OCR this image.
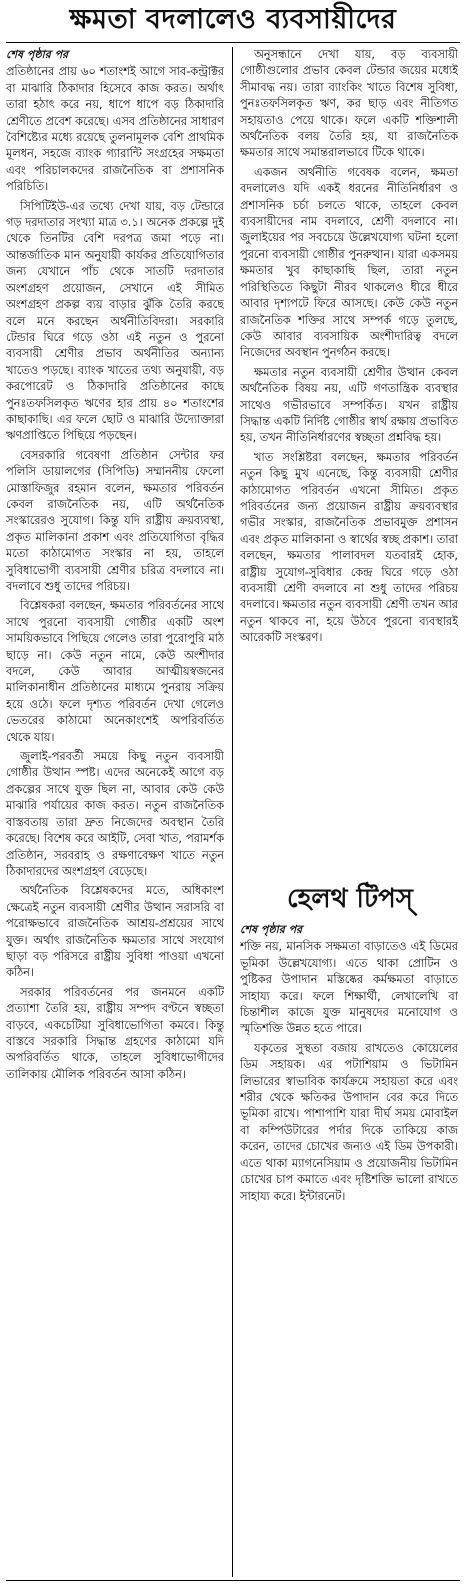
ক্ষমতা বদলালেও ব্যবসায়ীদের
শেষ পৃষ্ঠার পর

প্রতিষ্ঠানের প্রায় ৬০ শতাংশই আগে সাব-কন্ট্রাক্টর বা মাঝারি ঠিকাদার হিসেবে কাজ করত। অর্থাৎ তারা হঠাৎ করে নয়, ধাপে ধাপে বড় ঠিকাদারি শ্রেণীতে প্রবেশ করেছে। এসব প্রতিষ্ঠানের সাধারণ বৈশিষ্ট্যের মধ্যে রয়েছে তুলনামূলক বেশি প্রাথমিক মূলধন, সহজে ব্যাংক গ্যারান্টি সংগ্রহের সক্ষমতা এবং পরিচালকদের রাজনৈতিক বা প্রশাসনিক পরিচিতি।

সিপিটিইউ-এর তথ্যে দেখা যায়, বড় টেন্ডারে গড় দরদাতার সংখ্যা মাত্র ৩.১। অনেক প্রকল্পে দুই থেকে তিনটির বেশি দরপত্র জমা পড়ে না। আন্তর্জাতিক মান অনুযায়ী কার্যকর প্রতিযোগিতার জন্য যেখানে পাঁচ থেকে সাতটি দরদাতার অংশগ্রহণ প্রয়োজন, সেখানে এই সীমিত অংশগ্রহণ প্রকল্প ব্যয় বাড়ার ঝুঁকি তৈরি করছে বলে মনে করছেন অর্থনীতিবিদরা। সরকারি টেন্ডার ঘিরে গড়ে ওঠা এই নতুন ও পুরনো ব্যবসায়ী শ্রেণীর প্রভাব অর্থনীতির অন্যান্য খাতেও পড়ছে। ব্যাংক খাতের তথ্য অনুযায়ী, বড় করপোরেট ও ঠিকাদারি প্রতিষ্ঠানের কাছে পুনঃতফসিলকৃত ঋণের হার প্রায় ৪০ শতাংশের কাছাকাছি। এর ফলে ছোট ও মাঝারি উদ্যোক্তারা ঋণপ্রাপ্তিতে পিছিয়ে পড়ছেন।

বেসরকারি গবেষণা প্রতিষ্ঠান সেন্টার ফর পলিসি ডায়ালগের (সিপিডি) সম্মাননীয় ফেলো মোস্তাফিজুর রহমান বলেন, ক্ষমতার পরিবর্তন কেবল রাজনৈতিক নয়, এটি অর্থনৈতিক সংস্কারেরও সুযোগ। কিন্তু যদি রাষ্ট্রীয় ক্রয়ব্যবস্থা, প্রকৃত মালিকানা প্রকাশ এবং প্রতিযোগিতা বৃদ্ধির মতো কাঠামোগত সংস্কার না হয়, তাহলে সুবিধাভোগী ব্যবসায়ী শ্রেণীর চরিত্র বদলাবে না। বদলাবে শুধু তাদের পরিচয়।

বিশ্লেষকরা বলছেন, ক্ষমতার পরিবর্তনের সাথে সাথে পুরনো ব্যবসায়ী গোষ্ঠীর একটি অংশ সাময়িকভাবে পিছিয়ে গেলেও তারা পুরোপুরি মাঠ ছাড়ে না। কেউ নতুন নামে, কেউ অংশীদার বদলে, কেউ আবার আত্মীয়স্বজনের মালিকানাধীন প্রতিষ্ঠানের মাধ্যমে পুনরায় সক্রিয় হয়ে ওঠে। ফলে দৃশ্যত পরিবর্তন দেখা গেলেও ভেতরের কাঠামো অনেকাংশেই অপরিবর্তিত থেকে যায়।

জুলাই-পরবর্তী সময়ে কিছু নতুন ব্যবসায়ী গোষ্ঠীর উত্থান স্পষ্ট। এদের অনেকেই আগে বড় প্রকল্পের সাথে যুক্ত ছিল না, আবার কেউ কেউ মাঝারি পর্যায়ের কাজ করত। নতুন রাজনৈতিক বাস্তবতায় তারা দ্রুত নিজেদের অবস্থান তৈরি করেছে। বিশেষ করে আইটি, সেবা খাত, পরামর্শক প্রতিষ্ঠান, সরবরাহ ও রক্ষণাবেক্ষণ খাতে নতুন ঠিকাদারদের অংশগ্রহণ বেড়েছে।

অর্থনৈতিক বিশ্লেষকদের মতে, অধিকাংশ ক্ষেত্রেই নতুন ব্যবসায়ী শ্রেণীর উত্থান সরাসরি বা পরোক্ষভাবে রাজনৈতিক আশ্রয়-প্রশ্রয়ের সাথে যুক্ত। অর্থাৎ রাজনৈতিক ক্ষমতার সাথে সংযোগ ছাড়া বড় পরিসরে রাষ্ট্রীয় সুবিধা পাওয়া এখনো কঠিন।

সরকার পরিবর্তনের পর জনমনে একটি প্রত্যাশা তৈরি হয়, রাষ্ট্রীয় সম্পদ বণ্টনে স্বচ্ছতা বাড়বে, একচেটিয়া সুবিধাভোগিতা কমবে। কিন্তু বাস্তবে সরকারি সিদ্ধান্ত গ্রহণের কাঠামো যদি অপরিবর্তিত থাকে, তাহলে সুবিধাভোগীদের তালিকায় মৌলিক পরিবর্তন আসা কঠিন।

অনুসন্ধানে দেখা যায়, বড় ব্যবসায়ী গোষ্ঠীগুলোর প্রভাব কেবল টেন্ডার জয়ের মধ্যেই সীমাবদ্ধ নয়। তারা ব্যাংকিং খাতে বিশেষ সুবিধা, পুনঃতফসিলকৃত ঋণ, কর ছাড় এবং নীতিগত সহায়তাও পেয়ে থাকে। ফলে একটি শক্তিশালী অর্থনৈতিক বলয় তৈরি হয়, যা রাজনৈতিক ক্ষমতার সাথে সমান্তরালভাবে টিকে থাকে।

একজন অর্থনীতি গবেষক বলেন, ক্ষমতা বদলালেও যদি একই ধরনের নীতিনির্ধারণ ও প্রশাসনিক চর্চা চলতে থাকে, তাহলে কেবল ব্যবসায়ীদের নাম বদলাবে, শ্রেণী বদলাবে না। জুলাইয়ের পর সবচেয়ে উল্লেখযোগ্য ঘটনা হলো পুরনো ব্যবসায়ী গোষ্ঠীর পুনরুত্থান। যারা একসময় ক্ষমতার খুব কাছাকাছি ছিল, তারা নতুন পরিস্থিতিতে কিছুটা নীরব থাকলেও ধীরে ধীরে আবার দৃশ্যপটে ফিরে আসছে। কেউ কেউ নতুন রাজনৈতিক শক্তির সাথে সম্পর্ক গড়ে তুলছে, কেউ আবার ব্যবসায়িক অংশীদারিত্ব বদলে নিজেদের অবস্থান পুনর্গঠন করছে।

ক্ষমতার নতুন ব্যবসায়ী শ্রেণীর উত্থান কেবল অর্থনৈতিক বিষয় নয়, এটি গণতান্ত্রিক ব্যবস্থার সাথেও গভীরভাবে সম্পর্কিত। যখন রাষ্ট্রীয় সিদ্ধান্ত একটি নির্দিষ্ট গোষ্ঠীর স্বার্থ রক্ষায় প্রভাবিত হয়, তখন নীতিনির্ধারণের স্বচ্ছতা প্রশ্নবিদ্ধ হয়।

খাত সংশ্লিষ্টরা বলছেন, ক্ষমতার পরিবর্তন নতুন কিছু মুখ এনেছে, কিন্তু ব্যবসায়ী শ্রেণীর কাঠামোগত পরিবর্তন এখনো সীমিত। প্রকৃত পরিবর্তনের জন্য প্রয়োজন রাষ্ট্রীয় ক্রয়ব্যবস্থার গভীর সংস্কার, রাজনৈতিক প্রভাবমুক্ত প্রশাসন এবং প্রকৃত মালিকানা ও স্বার্থের স্বচ্ছ প্রকাশ। তারা বলছেন, ক্ষমতার পালাবদল যতবারই হোক, রাষ্ট্রীয় সুযোগ-সুবিধার কেন্দ্র ঘিরে গড়ে ওঠা ব্যবসায়ী শ্রেণী বদলাবে না শুধু তাদের পরিচয় বদলাবে। ক্ষমতার নতুন ব্যবসায়ী শ্রেণী তখন আর নতুন থাকবে না, হয়ে উঠবে পুরনো ব্যবস্থারই আরেকটি সংস্করণ।

হেলথ টিপস্
শেষ পৃষ্ঠার পর

শক্তি নয়, মানসিক সক্ষমতা বাড়াতেও এই ডিমের ভূমিকা উল্লেখযোগ্য। এতে থাকা প্রোটিন ও পুষ্টিকর উপাদান মস্তিষ্কের কর্মক্ষমতা বাড়াতে সাহায্য করে। ফলে শিক্ষার্থী, লেখালেখি বা চিন্তাশীল কাজে যুক্ত মানুষদের মনোযোগ ও স্মৃতিশক্তি উন্নত হতে পারে।

যকৃতের সুস্থতা বজায় রাখতেও কোয়েলের ডিম সহায়ক। এর পটাশিয়াম ও ভিটামিন লিভারের স্বাভাবিক কার্যক্রমে সহায়তা করে এবং শরীর থেকে ক্ষতিকর উপাদান বের করে দিতে ভূমিকা রাখে। পাশাপাশি যারা দীর্ঘ সময় মোবাইল বা কম্পিউটারের পর্দার দিকে তাকিয়ে কাজ করেন, তাদের চোখের জন্যও এই ডিম উপকারী। এতে থাকা ম্যাগনেসিয়াম ও প্রয়োজনীয় ভিটামিন চোখের চাপ কমাতে এবং দৃষ্টিশক্তি ভালো রাখতে সাহায্য করে। ইন্টারনেট।
